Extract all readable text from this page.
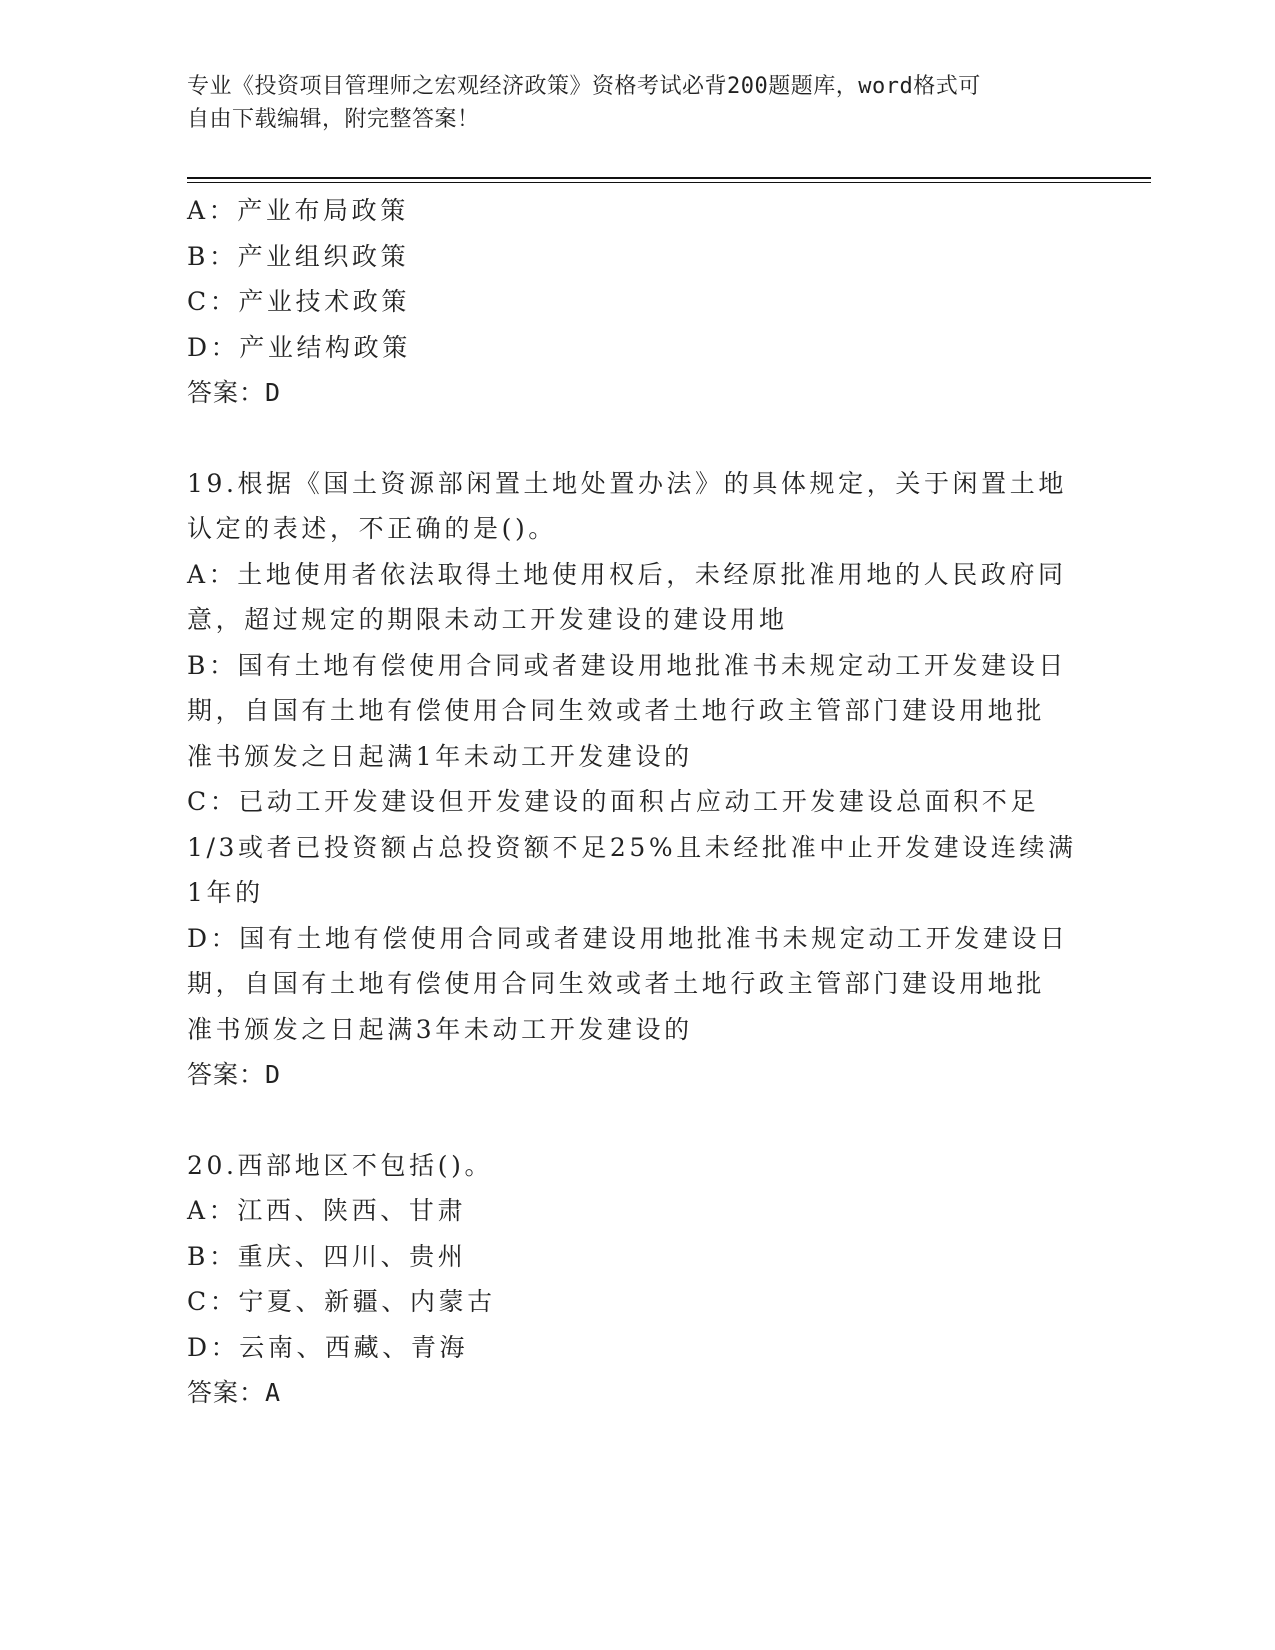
专业《投资项目管理师之宏观经济政策》资格考试必背200题题库，word格式可
自由下载编辑，附完整答案！
A：产业布局政策
B：产业组织政策
C：产业技术政策
D：产业结构政策
答案：D
19.根据《国土资源部闲置土地处置办法》的具体规定，关于闲置土地
认定的表述，不正确的是()。
A：土地使用者依法取得土地使用权后，未经原批准用地的人民政府同
意，超过规定的期限未动工开发建设的建设用地
B：国有土地有偿使用合同或者建设用地批准书未规定动工开发建设日
期，自国有土地有偿使用合同生效或者土地行政主管部门建设用地批
准书颁发之日起满1年未动工开发建设的
C：已动工开发建设但开发建设的面积占应动工开发建设总面积不足
1/3或者已投资额占总投资额不足25%且未经批准中止开发建设连续满
1年的
D：国有土地有偿使用合同或者建设用地批准书未规定动工开发建设日
期，自国有土地有偿使用合同生效或者土地行政主管部门建设用地批
准书颁发之日起满3年未动工开发建设的
答案：D
20.西部地区不包括()。
A：江西、陕西、甘肃
B：重庆、四川、贵州
C：宁夏、新疆、内蒙古
D：云南、西藏、青海
答案：A
